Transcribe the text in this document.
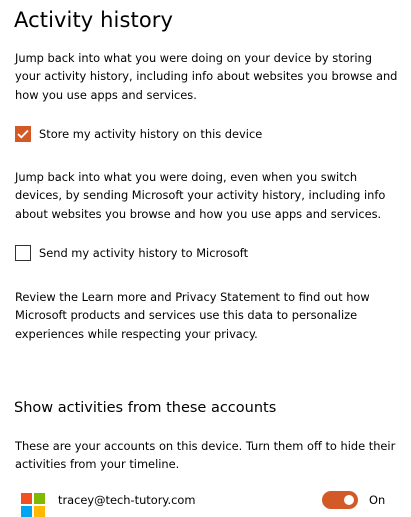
Activity history
Jump back into what you were doing on your device by storing your activity history, including info about websites you browse and how you use apps and services.
Store my activity history on this device
Jump back into what you were doing, even when you switch devices, by sending Microsoft your activity history, including info about websites you browse and how you use apps and services.
Send my activity history to Microsoft
Review the Learn more and Privacy Statement to find out how Microsoft products and services use this data to personalize experiences while respecting your privacy.
Show activities from these accounts
These are your accounts on this device. Turn them off to hide their activities from your timeline.
tracey@tech-tutory.com	On
